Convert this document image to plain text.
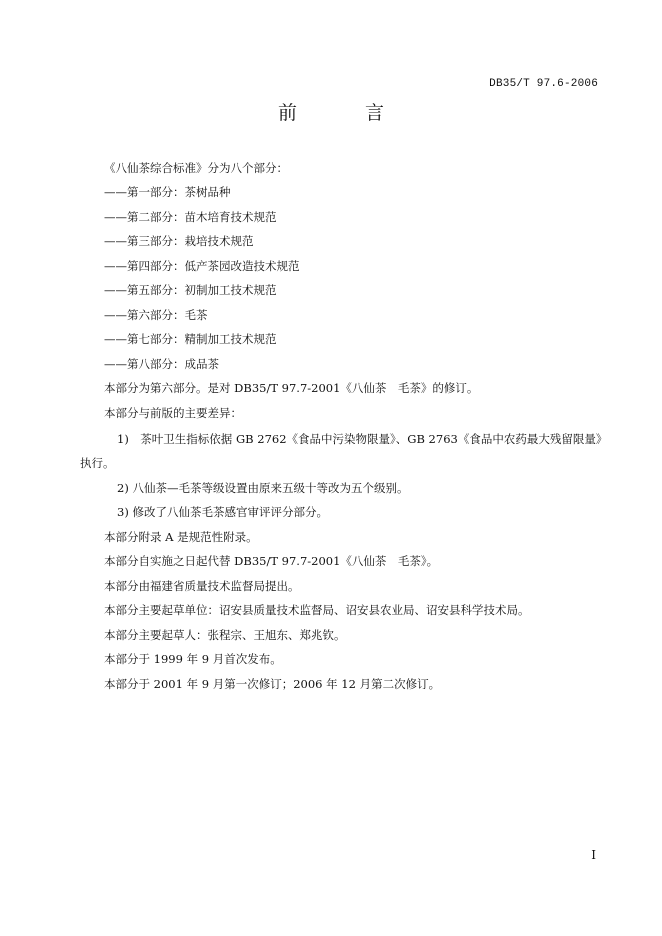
DB35/T 97.6-2006
前	言
《八仙茶综合标准》分为八个部分：
——第一部分：茶树品种
——第二部分：苗木培育技术规范
——第三部分：栽培技术规范
——第四部分：低产茶园改造技术规范
——第五部分：初制加工技术规范
——第六部分：毛茶
——第七部分：精制加工技术规范
——第八部分：成品茶
本部分为第六部分。是对 DB35/T 97.7-2001《八仙茶　毛茶》的修订。
本部分与前版的主要差异：
1)　茶叶卫生指标依据 GB 2762《食品中污染物限量》、GB 2763《食品中农药最大残留限量》
执行。
2) 八仙茶—毛茶等级设置由原来五级十等改为五个级别。
3) 修改了八仙茶毛茶感官审评评分部分。
本部分附录 A 是规范性附录。
本部分自实施之日起代替 DB35/T 97.7-2001《八仙茶　毛茶》。
本部分由福建省质量技术监督局提出。
本部分主要起草单位：诏安县质量技术监督局、诏安县农业局、诏安县科学技术局。
本部分主要起草人：张程宗、王旭东、郑兆钦。
本部分于 1999 年 9 月首次发布。
本部分于 2001 年 9 月第一次修订；2006 年 12 月第二次修订。
I
